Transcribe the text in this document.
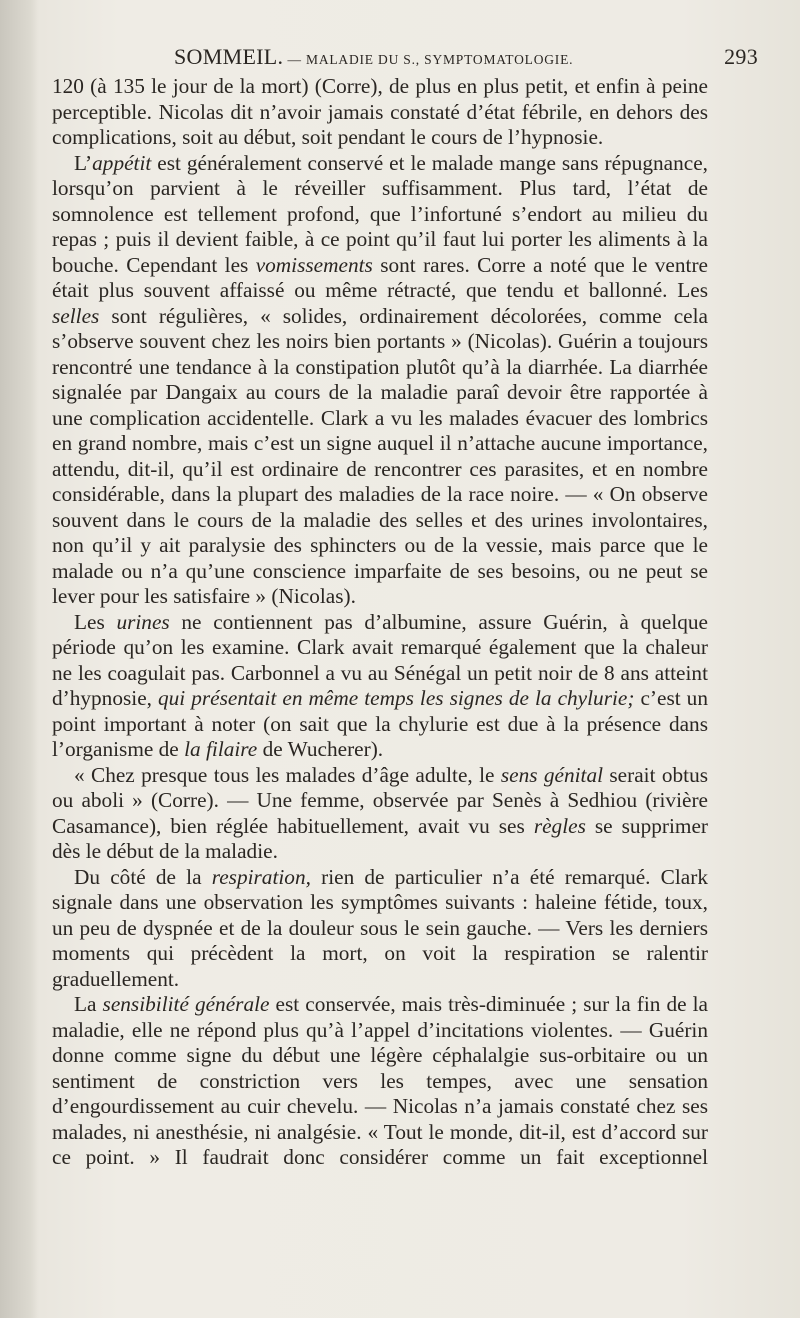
SOMMEIL. — MALADIE DU S., SYMPTOMATOLOGIE.	293

120 (à 135 le jour de la mort) (Corre), de plus en plus petit, et enfin à peine perceptible. Nicolas dit n’avoir jamais constaté d’état fébrile, en dehors des complications, soit au début, soit pendant le cours de l’hypnosie.

L’appétit est généralement conservé et le malade mange sans répugnance, lorsqu’on parvient à le réveiller suffisamment. Plus tard, l’état de somnolence est tellement profond, que l’infortuné s’endort au milieu du repas ; puis il devient faible, à ce point qu’il faut lui porter les aliments à la bouche. Cependant les vomissements sont rares. Corre a noté que le ventre était plus souvent affaissé ou même rétracté, que tendu et ballonné. Les selles sont régulières, « solides, ordinairement décolorées, comme cela s’observe souvent chez les noirs bien portants » (Nicolas). Guérin a toujours rencontré une tendance à la constipation plutôt qu’à la diarrhée. La diarrhée signalée par Dangaix au cours de la maladie paraî devoir être rapportée à une complication accidentelle. Clark a vu les malades évacuer des lombrics en grand nombre, mais c’est un signe auquel il n’attache aucune importance, attendu, dit-il, qu’il est ordinaire de rencontrer ces parasites, et en nombre considérable, dans la plupart des maladies de la race noire. — « On observe souvent dans le cours de la maladie des selles et des urines involontaires, non qu’il y ait paralysie des sphincters ou de la vessie, mais parce que le malade ou n’a qu’une conscience imparfaite de ses besoins, ou ne peut se lever pour les satisfaire » (Nicolas).

Les urines ne contiennent pas d’albumine, assure Guérin, à quelque période qu’on les examine. Clark avait remarqué également que la chaleur ne les coagulait pas. Carbonnel a vu au Sénégal un petit noir de 8 ans atteint d’hypnosie, qui présentait en même temps les signes de la chylurie; c’est un point important à noter (on sait que la chylurie est due à la présence dans l’organisme de la filaire de Wucherer).

« Chez presque tous les malades d’âge adulte, le sens génital serait obtus ou aboli » (Corre). — Une femme, observée par Senès à Sedhiou (rivière Casamance), bien réglée habituellement, avait vu ses règles se supprimer dès le début de la maladie.

Du côté de la respiration, rien de particulier n’a été remarqué. Clark signale dans une observation les symptômes suivants : haleine fétide, toux, un peu de dyspnée et de la douleur sous le sein gauche. — Vers les derniers moments qui précèdent la mort, on voit la respiration se ralentir graduellement.

La sensibilité générale est conservée, mais très-diminuée ; sur la fin de la maladie, elle ne répond plus qu’à l’appel d’incitations violentes. — Guérin donne comme signe du début une légère céphalalgie sus-orbitaire ou un sentiment de constriction vers les tempes, avec une sensation d’engourdissement au cuir chevelu. — Nicolas n’a jamais constaté chez ses malades, ni anesthésie, ni analgésie. « Tout le monde, dit-il, est d’accord sur ce point. » Il faudrait donc considérer comme un fait exceptionnel
